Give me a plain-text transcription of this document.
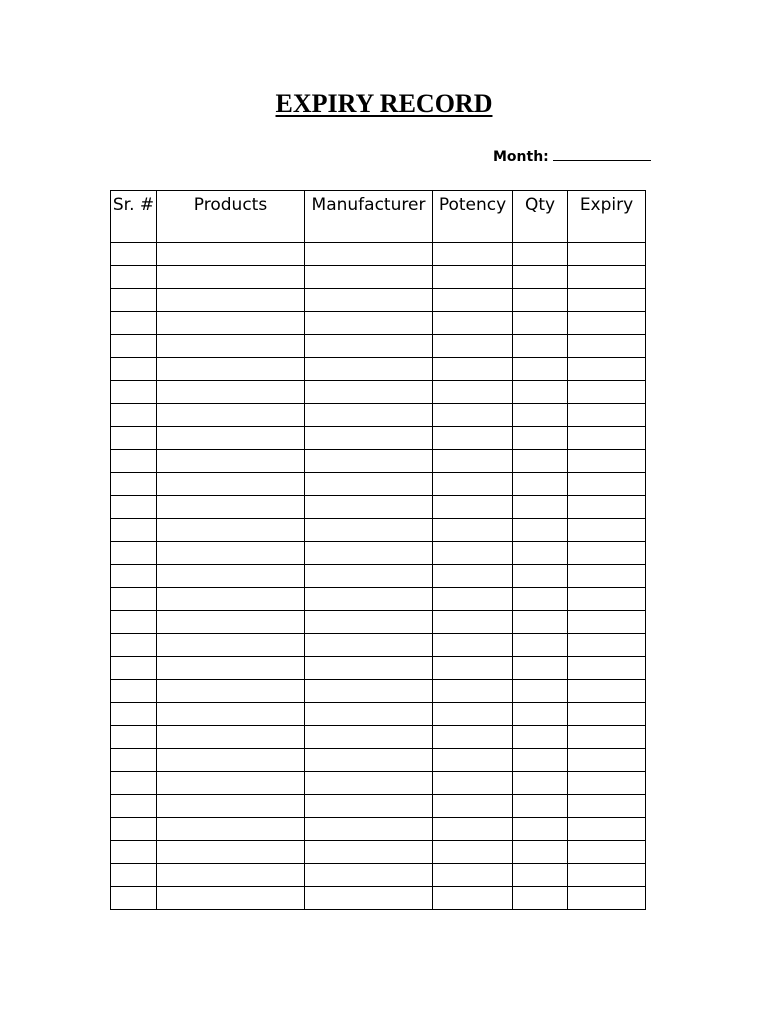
EXPIRY RECORD
Month:
Sr. #	Products	Manufacturer	Potency	Qty	Expiry
